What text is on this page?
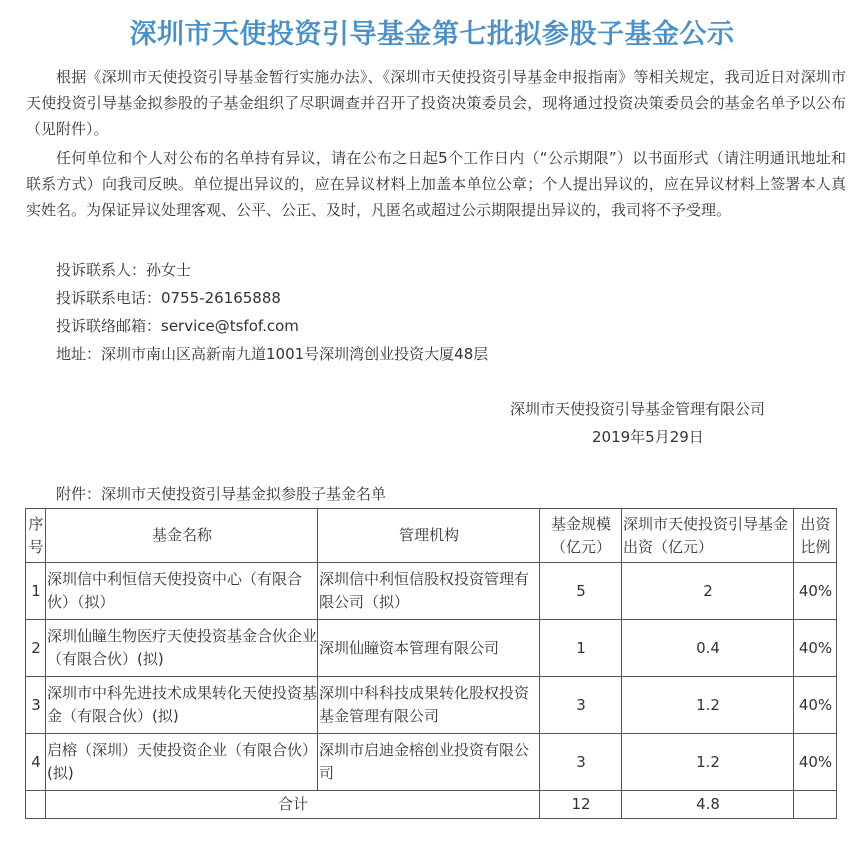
深圳市天使投资引导基金第七批拟参股子基金公示

根据《深圳市天使投资引导基金暂行实施办法》、《深圳市天使投资引导基金申报指南》等相关规定，我司近日对深圳市天使投资引导基金拟参股的子基金组织了尽职调查并召开了投资决策委员会，现将通过投资决策委员会的基金名单予以公布（见附件）。

任何单位和个人对公布的名单持有异议，请在公布之日起5个工作日内（“公示期限”）以书面形式（请注明通讯地址和联系方式）向我司反映。单位提出异议的，应在异议材料上加盖本单位公章；个人提出异议的，应在异议材料上签署本人真实姓名。为保证异议处理客观、公平、公正、及时，凡匿名或超过公示期限提出异议的，我司将不予受理。

投诉联系人：孙女士
投诉联系电话：0755-26165888
投诉联络邮箱：service@tsfof.com
地址：深圳市南山区高新南九道1001号深圳湾创业投资大厦48层
深圳市天使投资引导基金管理有限公司
2019年5月29日
附件：深圳市天使投资引导基金拟参股子基金名单
序号	基金名称	管理机构	基金规模（亿元）	深圳市天使投资引导基金出资（亿元）	出资比例
1	深圳信中利恒信天使投资中心（有限合伙）（拟）	深圳信中利恒信股权投资管理有限公司（拟）	5	2	40%
2	深圳仙瞳生物医疗天使投资基金合伙企业（有限合伙）(拟)	深圳仙瞳资本管理有限公司	1	0.4	40%
3	深圳市中科先进技术成果转化天使投资基金（有限合伙）(拟)	深圳中科科技成果转化股权投资基金管理有限公司	3	1.2	40%
4	启榕（深圳）天使投资企业（有限合伙）(拟)	深圳市启迪金榕创业投资有限公司	3	1.2	40%
	合计		12	4.8	
